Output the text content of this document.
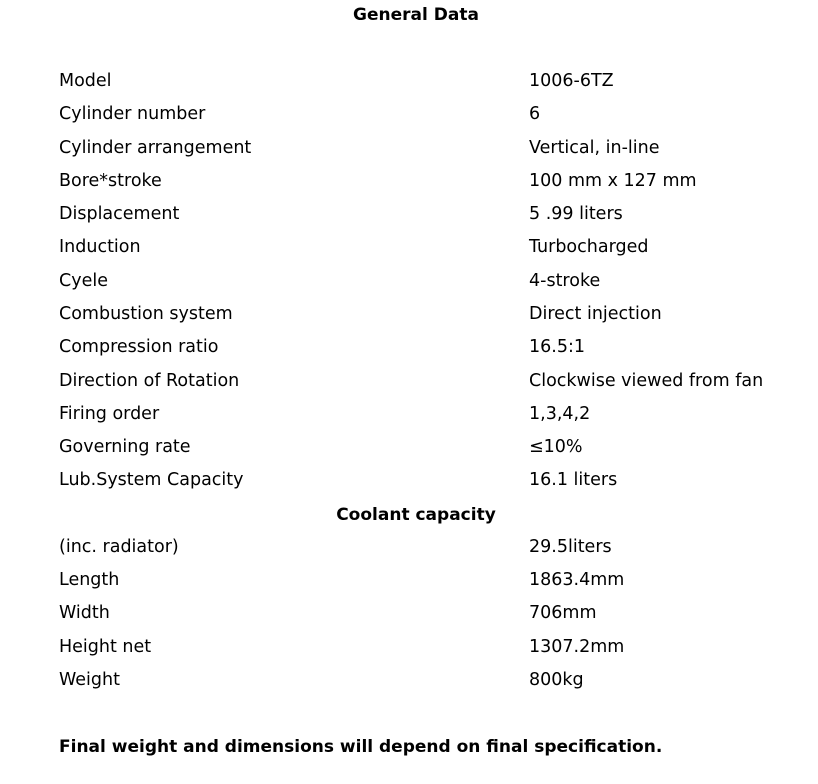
General Data
Model	1006-6TZ
Cylinder number	6
Cylinder arrangement	Vertical, in-line
Bore*stroke	100 mm x 127 mm
Displacement	5 .99 liters
Induction	Turbocharged
Cyele	4-stroke
Combustion system	Direct injection
Compression ratio	16.5:1
Direction of Rotation	Clockwise viewed from fan
Firing order	1,3,4,2
Governing rate	≤10%
Lub.System Capacity	16.1 liters
Coolant capacity
(inc. radiator)	29.5liters
Length	1863.4mm
Width	706mm
Height net	1307.2mm
Weight	800kg
Final weight and dimensions will depend on final specification.
